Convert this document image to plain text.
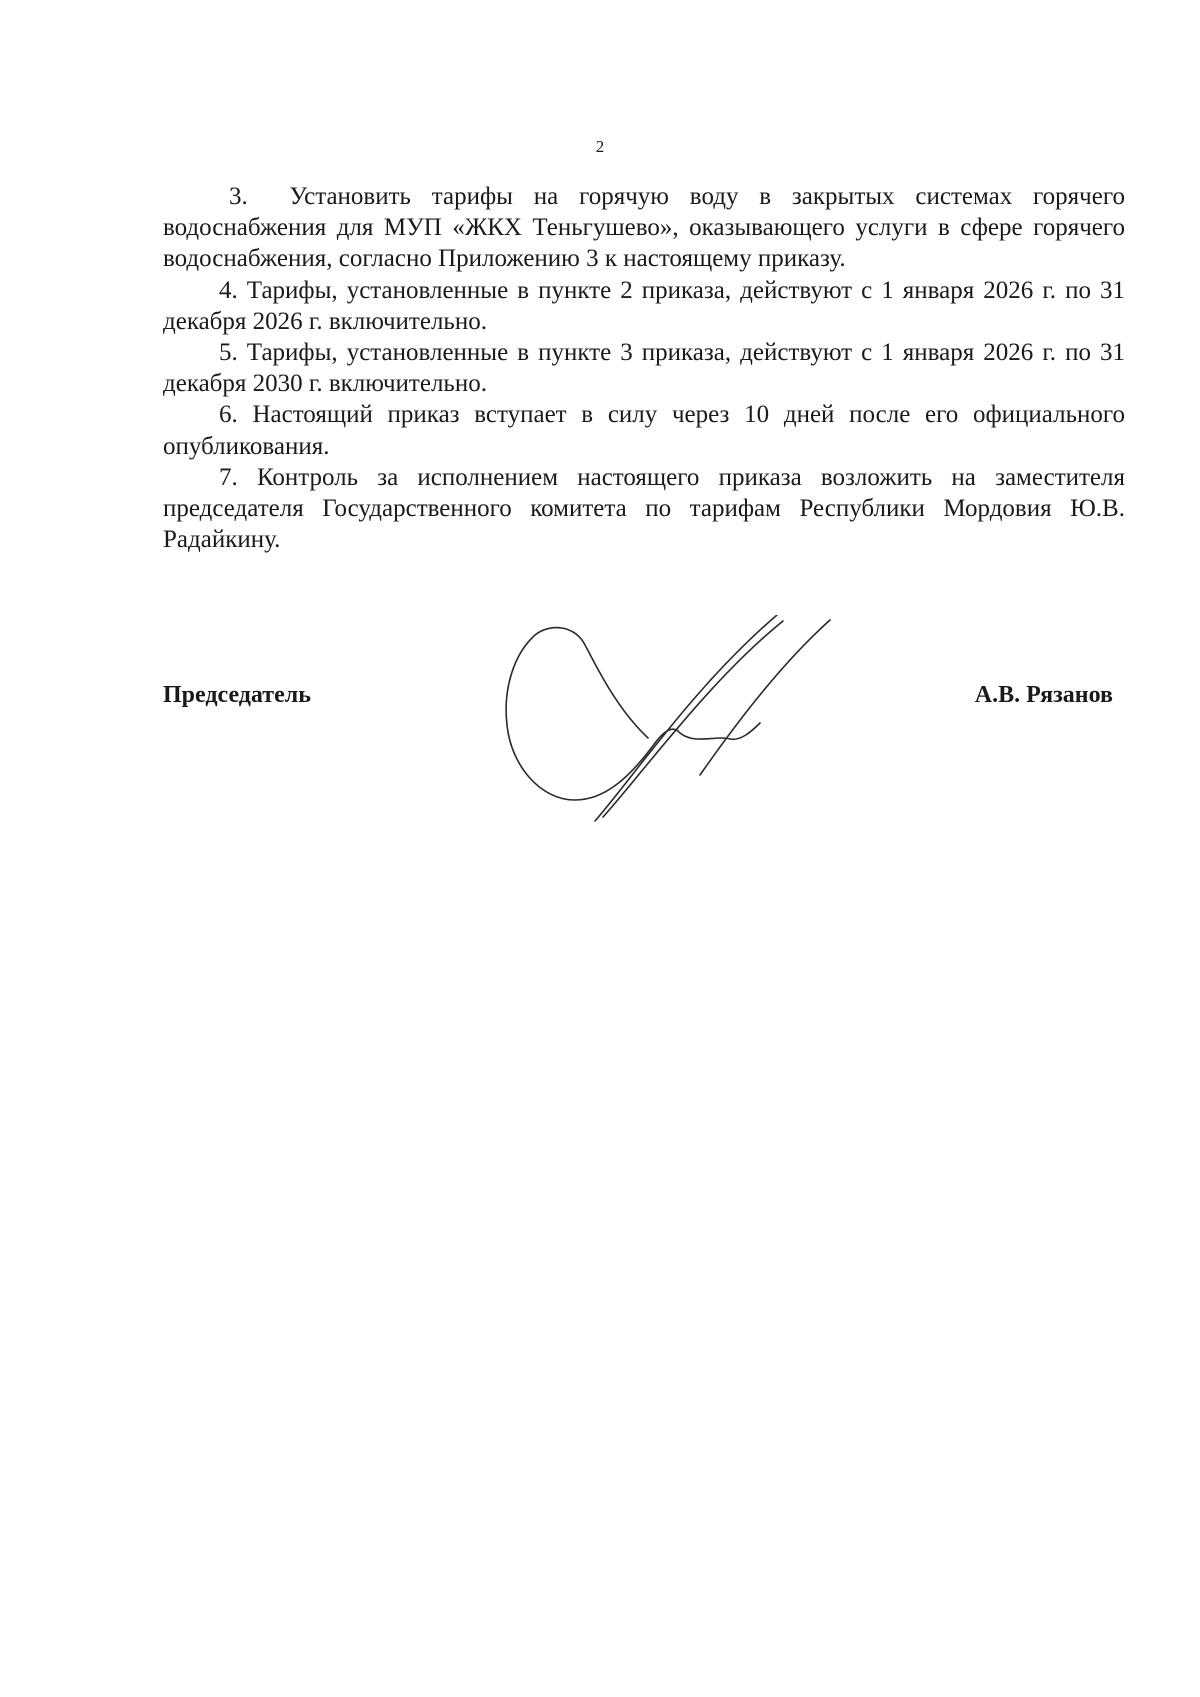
2

3.  Установить тарифы на горячую воду в закрытых системах горячего водоснабжения для МУП «ЖКХ Теньгушево», оказывающего услуги в сфере горячего водоснабжения, согласно Приложению 3 к настоящему приказу.

4. Тарифы, установленные в пункте 2 приказа, действуют с 1 января 2026 г. по 31 декабря 2026 г. включительно.

5. Тарифы, установленные в пункте 3 приказа, действуют с 1 января 2026 г. по 31 декабря 2030 г. включительно.

6. Настоящий приказ вступает в силу через 10 дней после его официального опубликования.

7. Контроль за исполнением настоящего приказа возложить на заместителя председателя Государственного комитета по тарифам Республики Мордовия Ю.В. Радайкину.

Председатель	А.В. Рязанов
